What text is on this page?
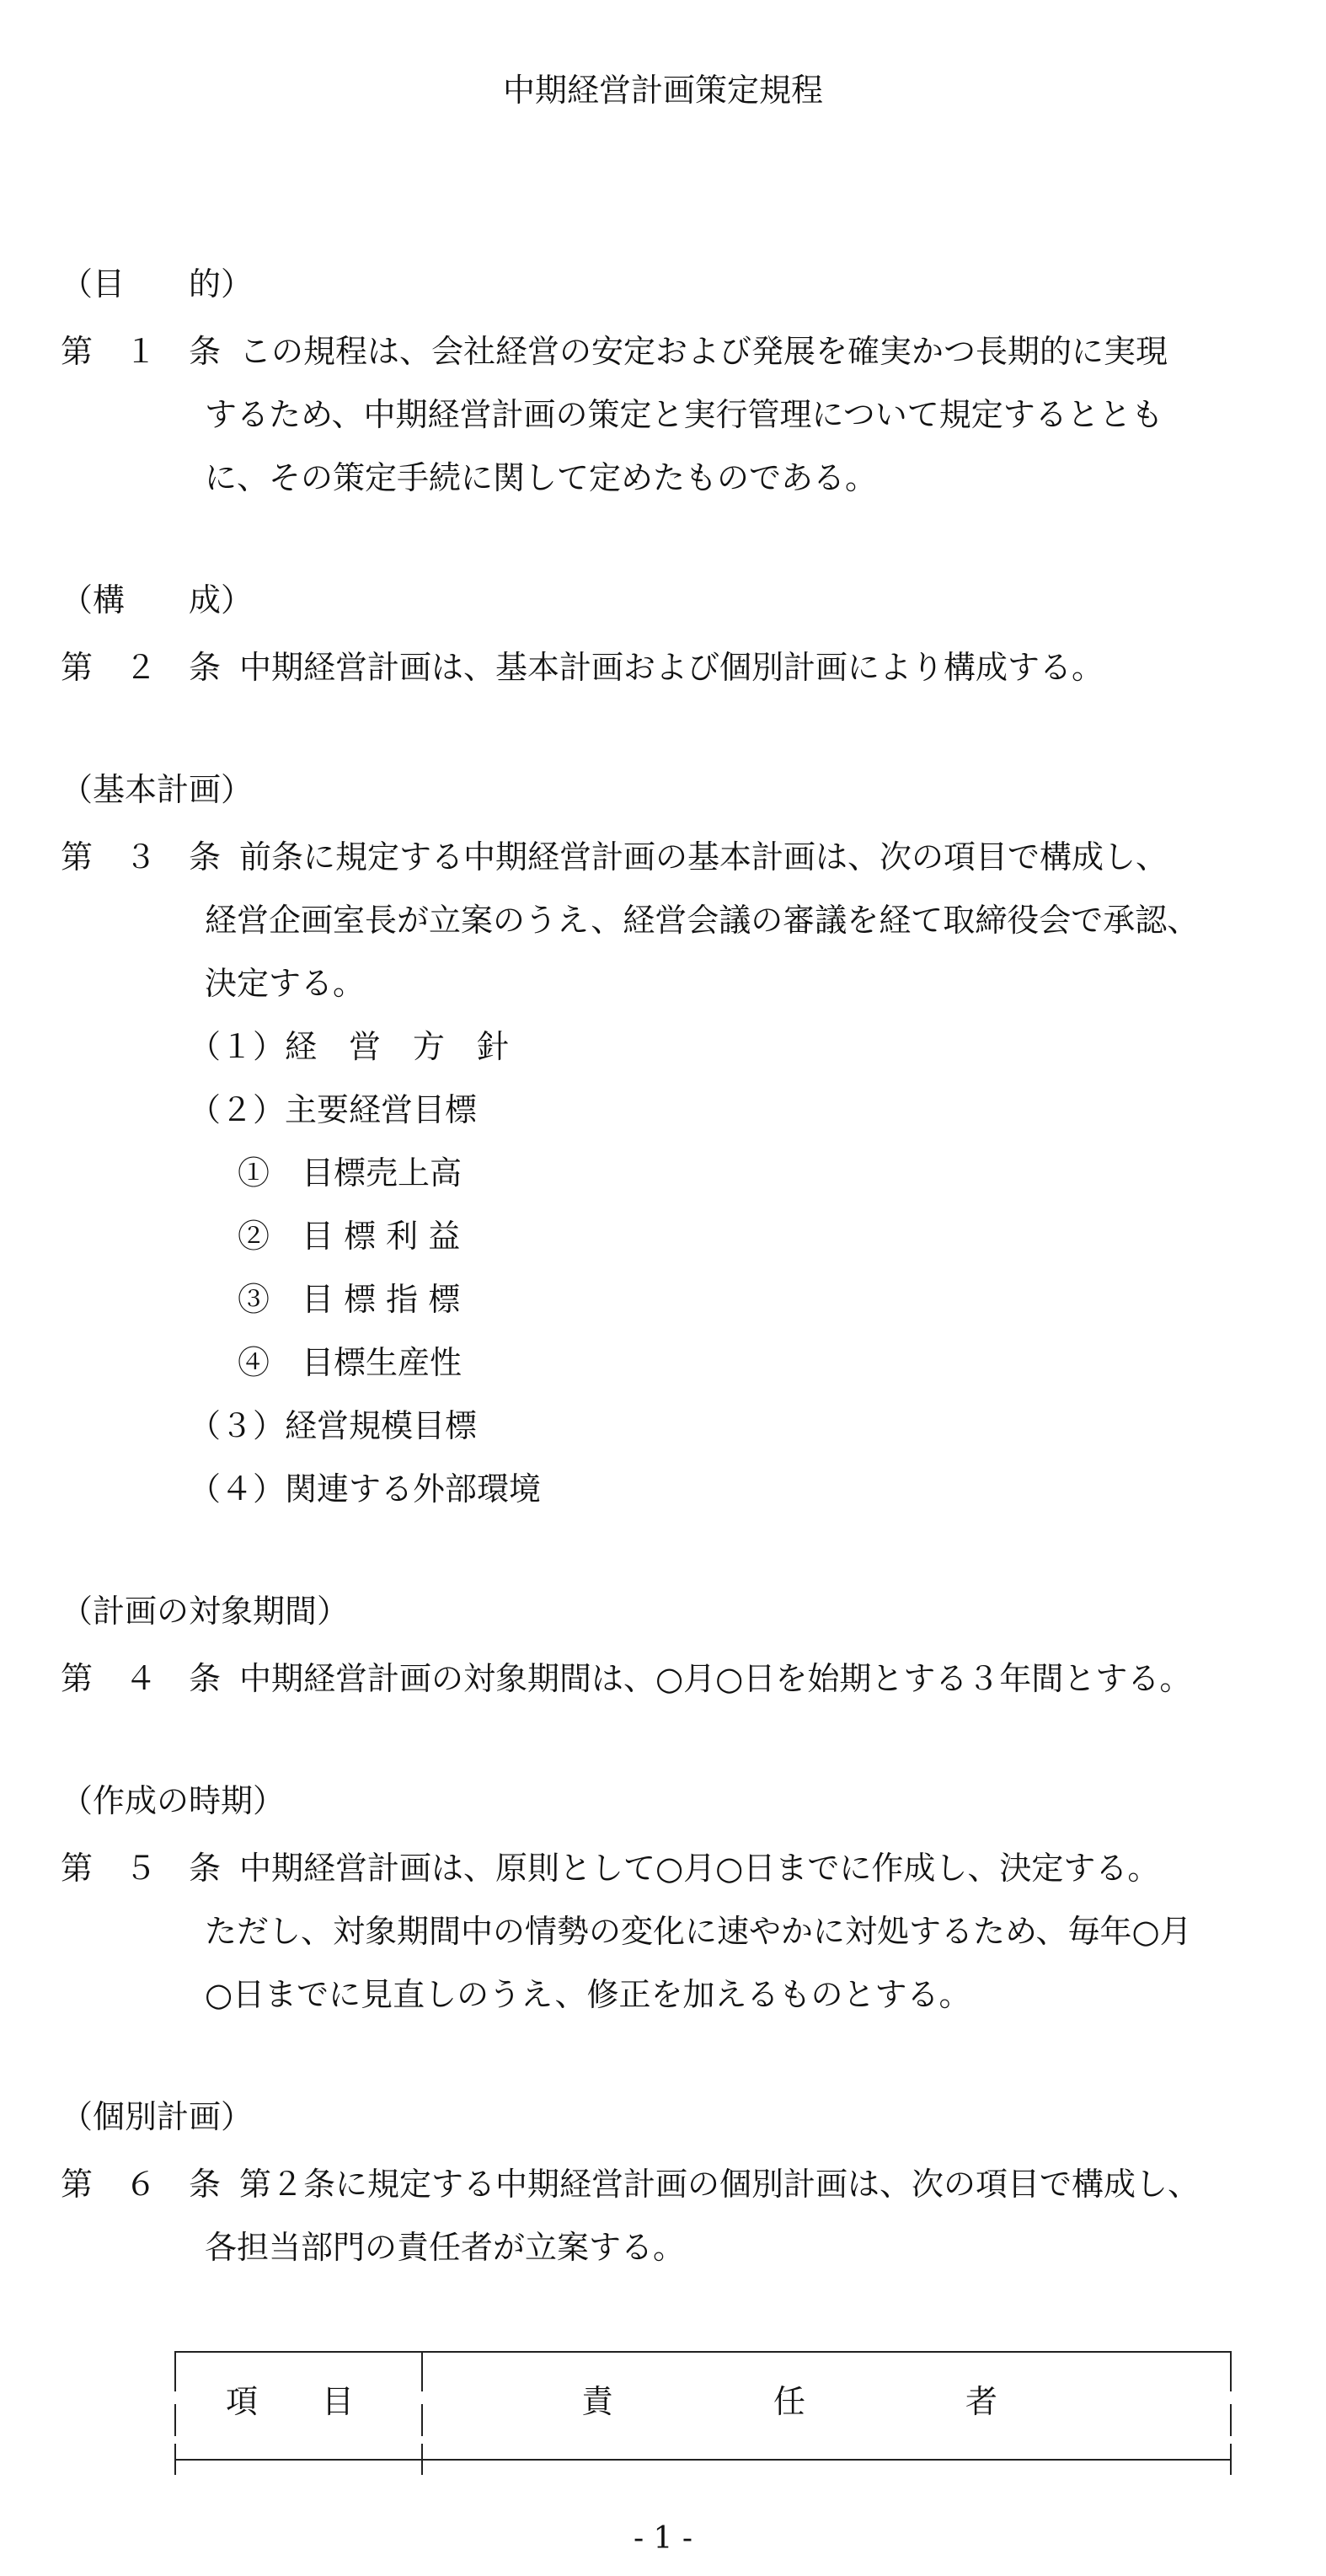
中期経営計画策定規程
（目　　的）
第　１　条 この規程は、会社経営の安定および発展を確実かつ長期的に実現
するため、中期経営計画の策定と実行管理について規定するととも
に、その策定手続に関して定めたものである。
（構　　成）
第　２　条 中期経営計画は、基本計画および個別計画により構成する。
（基本計画）
第　３　条 前条に規定する中期経営計画の基本計画は、次の項目で構成し、
経営企画室長が立案のうえ、経営会議の審議を経て取締役会で承認、
決定する。
（１）経　営　方　針
（２）主要経営目標
①　目標売上高
②　目 標 利 益
③　目 標 指 標
④　目標生産性
（３）経営規模目標
（４）関連する外部環境
（計画の対象期間）
第　４　条 中期経営計画の対象期間は、○月○日を始期とする３年間とする。
（作成の時期）
第　５　条 中期経営計画は、原則として○月○日までに作成し、決定する。
ただし、対象期間中の情勢の変化に速やかに対処するため、毎年○月
○日までに見直しのうえ、修正を加えるものとする。
（個別計画）
第　６　条 第２条に規定する中期経営計画の個別計画は、次の項目で構成し、
各担当部門の責任者が立案する。
項　　目	責　　　　　任　　　　　者
- 1 -
